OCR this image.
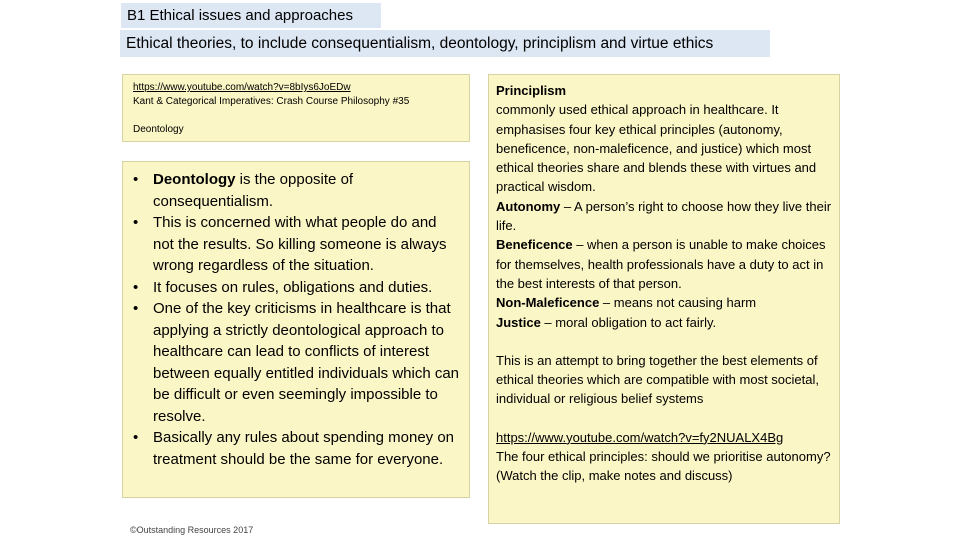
B1 Ethical issues and approaches
Ethical theories, to include consequentialism, deontology, principlism and virtue ethics
https://www.youtube.com/watch?v=8bIys6JoEDw
Kant & Categorical Imperatives: Crash Course Philosophy #35
Deontology
• Deontology is the opposite of consequentialism.
• This is concerned with what people do and not the results. So killing someone is always wrong regardless of the situation.
• It focuses on rules, obligations and duties.
• One of the key criticisms in healthcare is that applying a strictly deontological approach to healthcare can lead to conflicts of interest between equally entitled individuals which can be difficult or even seemingly impossible to resolve.
• Basically any rules about spending money on treatment should be the same for everyone.

Principlism

commonly used ethical approach in healthcare. It emphasises four key ethical principles (autonomy, beneficence, non-maleficence, and justice) which most ethical theories share and blends these with virtues and practical wisdom.

Autonomy – A person’s right to choose how they live their life.

Beneficence – when a person is unable to make choices for themselves, health professionals have a duty to act in the best interests of that person.

Non-Maleficence – means not causing harm

Justice – moral obligation to act fairly.

This is an attempt to bring together the best elements of ethical theories which are compatible with most societal, individual or religious belief systems

https://www.youtube.com/watch?v=fy2NUALX4Bg

The four ethical principles: should we prioritise autonomy?

(Watch the clip, make notes and discuss)

©Outstanding Resources 2017
